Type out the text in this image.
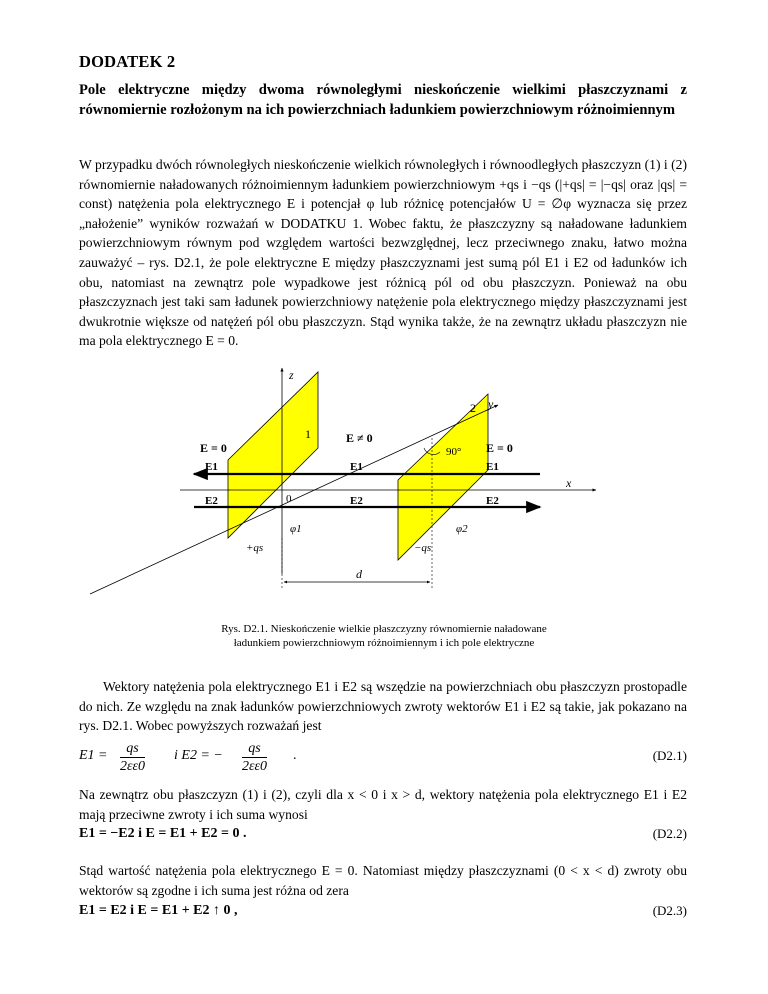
DODATEK 2
Pole elektryczne między dwoma równoległymi nieskończenie wielkimi płaszczyznami z równomiernie rozłożonym na ich powierzchniach ładunkiem powierzchniowym różnoimiennym
W przypadku dwóch równoległych nieskończenie wielkich równoległych i równoodległych płaszczyzn (1) i (2) równomiernie naładowanych różnoimiennym ładunkiem powierzchniowym +qs i −qs (|+qs| = |−qs| oraz |qs| = const) natężenia pola elektrycznego E i potencjał φ lub różnicę potencjałów U = ∅φ wyznacza się przez „nałożenie” wyników rozważań w DODATKU 1. Wobec faktu, że płaszczyzny są naładowane ładunkiem powierzchniowym równym pod względem wartości bezwzględnej, lecz przeciwnego znaku, łatwo można zauważyć – rys. D2.1, że pole elektryczne E między płaszczyznami jest sumą pól E1 i E2 od ładunków ich obu, natomiast na zewnątrz pole wypadkowe jest różnicą pól od obu płaszczyzn. Ponieważ na obu płaszczyznach jest taki sam ładunek powierzchniowy natężenie pola elektrycznego między płaszczyznami jest dwukrotnie większe od natężeń pól obu płaszczyzn. Stąd wynika także, że na zewnątrz układu płaszczyzn nie ma pola elektrycznego E = 0.
z
y
x
1
2
E = 0
E ≠ 0
E = 0
90°
E1	E1	E1
E2	E2	E2
0
φ1	φ2
+qs	−qs
d
Rys. D2.1. Nieskończenie wielkie płaszczyzny równomiernie naładowane
ładunkiem powierzchniowym różnoimiennym i ich pole elektryczne
Wektory natężenia pola elektrycznego E1 i E2 są wszędzie na powierzchniach obu płaszczyzn prostopadle do nich. Ze względu na znak ładunków powierzchniowych zwroty wektorów E1 i E2 są takie, jak pokazano na rys. D2.1. Wobec powyższych rozważań jest
$E1 = \frac{qs}{2\varepsilon\varepsilon 0}$ i E2 = − $\frac{qs}{2\varepsilon\varepsilon 0}$ .	(D2.1)
Na zewnątrz obu płaszczyzn (1) i (2), czyli dla x < 0 i x > d, wektory natężenia pola elektrycznego E1 i E2 mają przeciwne zwroty i ich suma wynosi
E1 = −E2 i E = E1 + E2 = 0 .	(D2.2)
Stąd wartość natężenia pola elektrycznego E = 0. Natomiast między płaszczyznami (0 < x < d) zwroty obu wektorów są zgodne i ich suma jest różna od zera
E1 = E2 i E = E1 + E2 ↑ 0 ,	(D2.3)
